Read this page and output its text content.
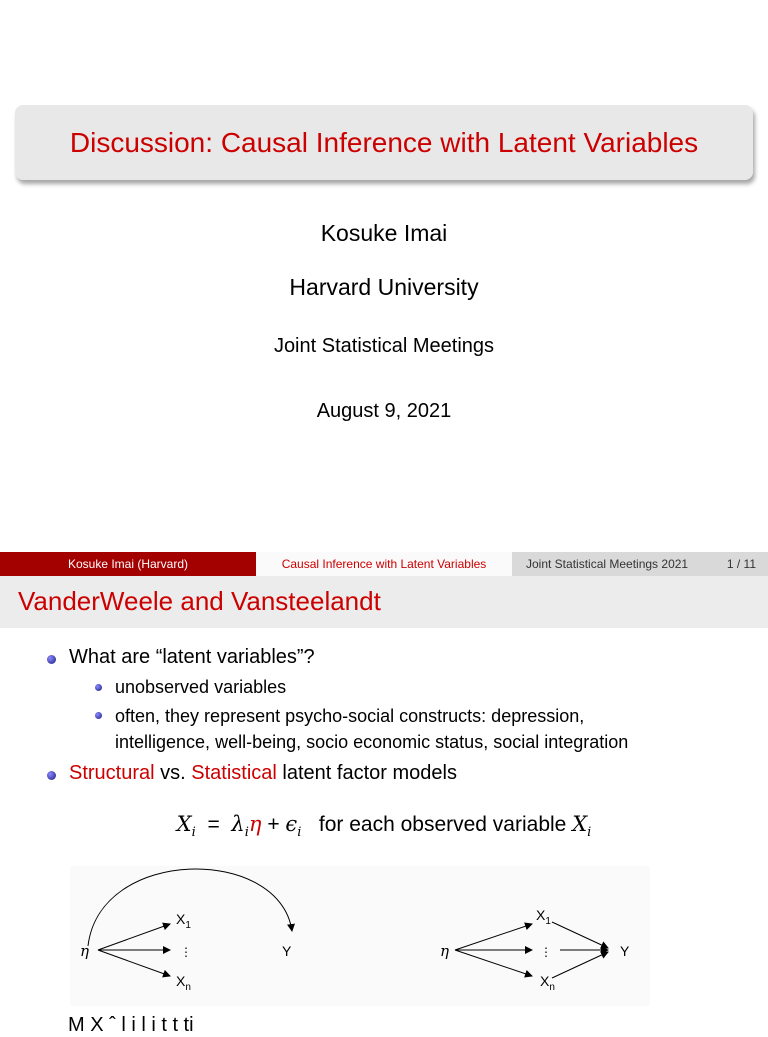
Discussion: Causal Inference with Latent Variables
Kosuke Imai
Harvard University
Joint Statistical Meetings
August 9, 2021
Kosuke Imai (Harvard)	Causal Inference with Latent Variables	Joint Statistical Meetings 2021	1 / 11
VanderWeele and Vansteelandt
What are “latent variables”?
unobserved variables
often, they represent psycho-social constructs: depression,
intelligence, well-being, socio economic status, social integration
Structural vs. Statistical latent factor models
$X_i = \lambda_i\eta + \epsilon_i$ for each observed variable $X_i$
η
$X_1$
⋮
$X_n$
Y	η
$X_1$
⋮
$X_n$
Y
M X ˆ l i l i t t ti
